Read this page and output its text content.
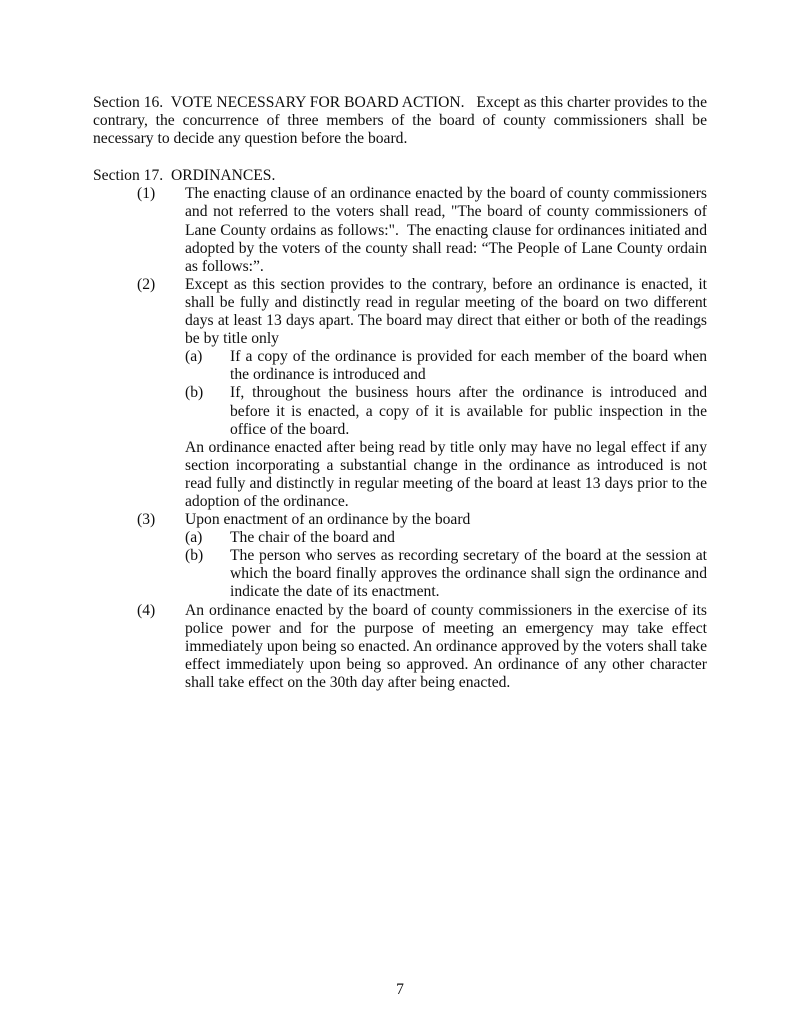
Section 16.  VOTE NECESSARY FOR BOARD ACTION.   Except as this charter provides to the contrary, the concurrence of three members of the board of county commissioners shall be necessary to decide any question before the board.

Section 17.  ORDINANCES.

(1)	The enacting clause of an ordinance enacted by the board of county commissioners and not referred to the voters shall read, "The board of county commissioners of Lane County ordains as follows:".  The enacting clause for ordinances initiated and adopted by the voters of the county shall read: “The People of Lane County ordain as follows:”.
(2)	Except as this section provides to the contrary, before an ordinance is enacted, it shall be fully and distinctly read in regular meeting of the board on two different days at least 13 days apart. The board may direct that either or both of the readings be by title only
(a)	If a copy of the ordinance is provided for each member of the board when the ordinance is introduced and
(b)	If, throughout the business hours after the ordinance is introduced and before it is enacted, a copy of it is available for public inspection in the office of the board.
An ordinance enacted after being read by title only may have no legal effect if any section incorporating a substantial change in the ordinance as introduced is not read fully and distinctly in regular meeting of the board at least 13 days prior to the adoption of the ordinance.
(3)	Upon enactment of an ordinance by the board
(a)	The chair of the board and
(b)	The person who serves as recording secretary of the board at the session at which the board finally approves the ordinance shall sign the ordinance and indicate the date of its enactment.
(4)	An ordinance enacted by the board of county commissioners in the exercise of its police power and for the purpose of meeting an emergency may take effect immediately upon being so enacted. An ordinance approved by the voters shall take effect immediately upon being so approved. An ordinance of any other character shall take effect on the 30th day after being enacted.
7
